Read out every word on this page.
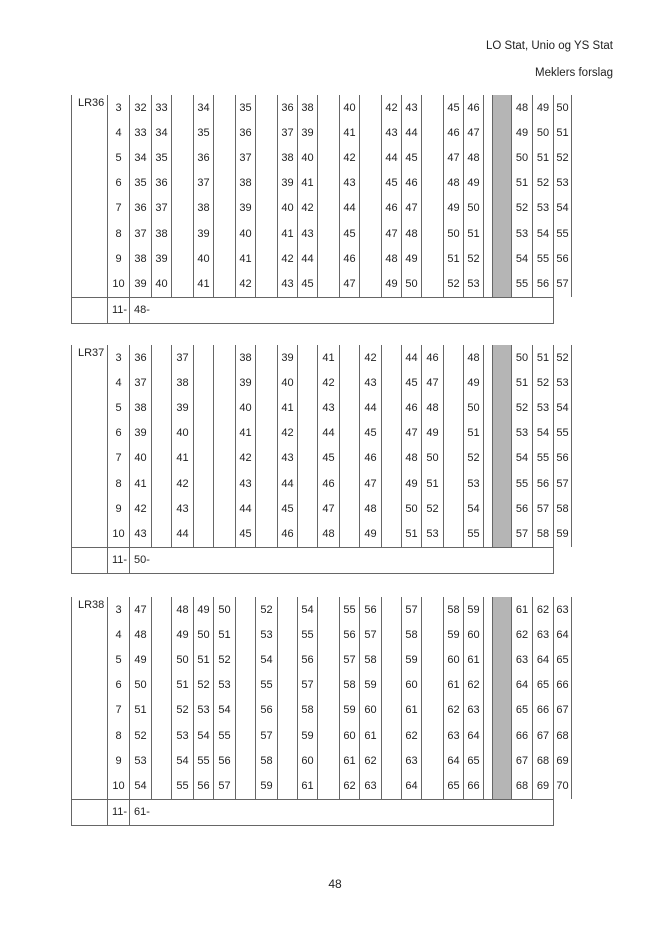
LO Stat, Unio og YS Stat
Meklers forslag
LR36	3	32	33		34		35		36	38		40		42	43		45	46			48	49	50
	4	33	34		35		36		37	39		41		43	44		46	47			49	50	51
	5	34	35		36		37		38	40		42		44	45		47	48			50	51	52
	6	35	36		37		38		39	41		43		45	46		48	49			51	52	53
	7	36	37		38		39		40	42		44		46	47		49	50			52	53	54
	8	37	38		39		40		41	43		45		47	48		50	51			53	54	55
	9	38	39		40		41		42	44		46		48	49		51	52			54	55	56
	10	39	40		41		42		43	45		47		49	50		52	53			55	56	57
	11-	48-																					
LR37	3	36		37			38		39		41		42		44	46		48			50	51	52
	4	37		38			39		40		42		43		45	47		49			51	52	53
	5	38		39			40		41		43		44		46	48		50			52	53	54
	6	39		40			41		42		44		45		47	49		51			53	54	55
	7	40		41			42		43		45		46		48	50		52			54	55	56
	8	41		42			43		44		46		47		49	51		53			55	56	57
	9	42		43			44		45		47		48		50	52		54			56	57	58
	10	43		44			45		46		48		49		51	53		55			57	58	59
	11-	50-																					
LR38	3	47		48	49	50		52		54		55	56		57		58	59			61	62	63
	4	48		49	50	51		53		55		56	57		58		59	60			62	63	64
	5	49		50	51	52		54		56		57	58		59		60	61			63	64	65
	6	50		51	52	53		55		57		58	59		60		61	62			64	65	66
	7	51		52	53	54		56		58		59	60		61		62	63			65	66	67
	8	52		53	54	55		57		59		60	61		62		63	64			66	67	68
	9	53		54	55	56		58		60		61	62		63		64	65			67	68	69
	10	54		55	56	57		59		61		62	63		64		65	66			68	69	70
	11-	61-																					
48
